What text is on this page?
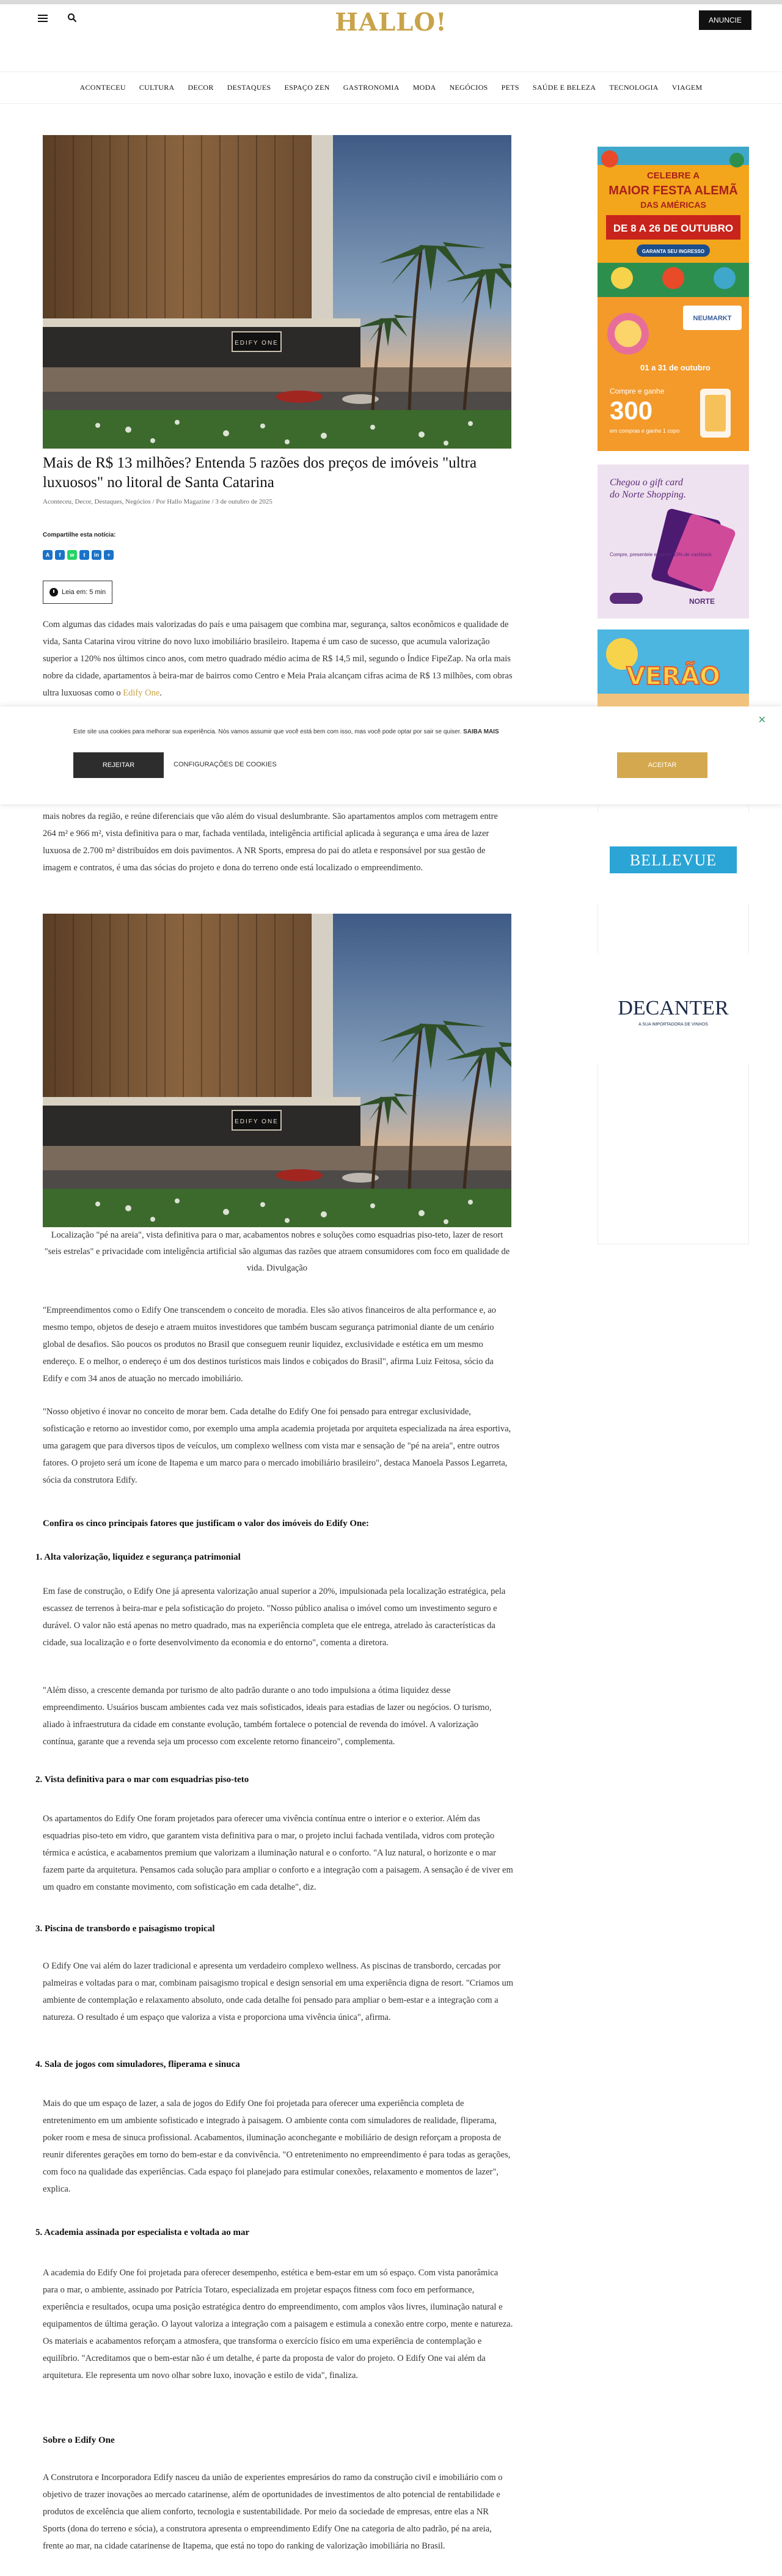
HALLO!	ANUNCIE
ACONTECEU CULTURA DECOR DESTAQUES ESPAÇO ZEN GASTRONOMIA MODA NEGÓCIOS PETS SAÚDE E BELEZA TECNOLOGIA VIAGEM
EDIFY ONE
Mais de R$ 13 milhões? Entenda 5 razões dos preços de imóveis "ultra luxuosos" no litoral de Santa Catarina
Aconteceu, Decor, Destaques, Negócios / Por Hallo Magazine / 3 de outubro de 2025
Compartilhe esta notícia:
A	f	w	t	in	+
Leia em: 5 min

Com algumas das cidades mais valorizadas do país e uma paisagem que combina mar, segurança, saltos econômicos e qualidade de vida, Santa Catarina virou vitrine do novo luxo imobiliário brasileiro. Itapema é um caso de sucesso, que acumula valorização superior a 120% nos últimos cinco anos, com metro quadrado médio acima de R$ 14,5 mil, segundo o Índice FipeZap. Na orla mais nobre da cidade, apartamentos à beira-mar de bairros como Centro e Meia Praia alcançam cifras acima de R$ 13 milhões, com obras ultra luxuosas como o Edify One.

Este site usa cookies para melhorar sua experiência. Nós vamos assumir que você está bem com isso, mas você pode optar por sair se quiser. SAIBA MAIS
✕
REJEITAR	CONFIGURAÇÕES DE COOKIES	ACEITAR

mais nobres da região, e reúne diferenciais que vão além do visual deslumbrante. São apartamentos amplos com metragem entre 264 m² e 966 m², vista definitiva para o mar, fachada ventilada, inteligência artificial aplicada à segurança e uma área de lazer luxuosa de 2.700 m² distribuídos em dois pavimentos. A NR Sports, empresa do pai do atleta e responsável por sua gestão de imagem e contratos, é uma das sócias do projeto e dona do terreno onde está localizado o empreendimento.

EDIFY ONE

Localização "pé na areia", vista definitiva para o mar, acabamentos nobres e soluções como esquadrias piso-teto, lazer de resort "seis estrelas" e privacidade com inteligência artificial são algumas das razões que atraem consumidores com foco em qualidade de vida. Divulgação

"Empreendimentos como o Edify One transcendem o conceito de moradia. Eles são ativos financeiros de alta performance e, ao mesmo tempo, objetos de desejo e atraem muitos investidores que também buscam segurança patrimonial diante de um cenário global de desafios. São poucos os produtos no Brasil que conseguem reunir liquidez, exclusividade e estética em um mesmo endereço. E o melhor, o endereço é um dos destinos turísticos mais lindos e cobiçados do Brasil", afirma Luiz Feitosa, sócio da Edify e com 34 anos de atuação no mercado imobiliário.

"Nosso objetivo é inovar no conceito de morar bem. Cada detalhe do Edify One foi pensado para entregar exclusividade, sofisticação e retorno ao investidor como, por exemplo uma ampla academia projetada por arquiteta especializada na área esportiva, uma garagem que para diversos tipos de veículos, um complexo wellness com vista mar e sensação de "pé na areia", entre outros fatores. O projeto será um ícone de Itapema e um marco para o mercado imobiliário brasileiro", destaca Manoela Passos Legarreta, sócia da construtora Edify.

Confira os cinco principais fatores que justificam o valor dos imóveis do Edify One:
1. Alta valorização, liquidez e segurança patrimonial

Em fase de construção, o Edify One já apresenta valorização anual superior a 20%, impulsionada pela localização estratégica, pela escassez de terrenos à beira-mar e pela sofisticação do projeto. "Nosso público analisa o imóvel como um investimento seguro e durável. O valor não está apenas no metro quadrado, mas na experiência completa que ele entrega, atrelado às características da cidade, sua localização e o forte desenvolvimento da economia e do entorno", comenta a diretora.

"Além disso, a crescente demanda por turismo de alto padrão durante o ano todo impulsiona a ótima liquidez desse empreendimento. Usuários buscam ambientes cada vez mais sofisticados, ideais para estadias de lazer ou negócios. O turismo, aliado à infraestrutura da cidade em constante evolução, também fortalece o potencial de revenda do imóvel. A valorização contínua, garante que a revenda seja um processo com excelente retorno financeiro", complementa.

2. Vista definitiva para o mar com esquadrias piso-teto

Os apartamentos do Edify One foram projetados para oferecer uma vivência contínua entre o interior e o exterior. Além das esquadrias piso-teto em vidro, que garantem vista definitiva para o mar, o projeto inclui fachada ventilada, vidros com proteção térmica e acústica, e acabamentos premium que valorizam a iluminação natural e o conforto. "A luz natural, o horizonte e o mar fazem parte da arquitetura. Pensamos cada solução para ampliar o conforto e a integração com a paisagem. A sensação é de viver em um quadro em constante movimento, com sofisticação em cada detalhe", diz.

3. Piscina de transbordo e paisagismo tropical

O Edify One vai além do lazer tradicional e apresenta um verdadeiro complexo wellness. As piscinas de transbordo, cercadas por palmeiras e voltadas para o mar, combinam paisagismo tropical e design sensorial em uma experiência digna de resort. "Criamos um ambiente de contemplação e relaxamento absoluto, onde cada detalhe foi pensado para ampliar o bem-estar e a integração com a natureza. O resultado é um espaço que valoriza a vista e proporciona uma vivência única", afirma.

4. Sala de jogos com simuladores, fliperama e sinuca

Mais do que um espaço de lazer, a sala de jogos do Edify One foi projetada para oferecer uma experiência completa de entretenimento em um ambiente sofisticado e integrado à paisagem. O ambiente conta com simuladores de realidade, fliperama, poker room e mesa de sinuca profissional. Acabamentos, iluminação aconchegante e mobiliário de design reforçam a proposta de reunir diferentes gerações em torno do bem-estar e da convivência. "O entretenimento no empreendimento é para todas as gerações, com foco na qualidade das experiências. Cada espaço foi planejado para estimular conexões, relaxamento e momentos de lazer", explica.

5. Academia assinada por especialista e voltada ao mar

A academia do Edify One foi projetada para oferecer desempenho, estética e bem-estar em um só espaço. Com vista panorâmica para o mar, o ambiente, assinado por Patrícia Totaro, especializada em projetar espaços fitness com foco em performance, experiência e resultados, ocupa uma posição estratégica dentro do empreendimento, com amplos vãos livres, iluminação natural e equipamentos de última geração. O layout valoriza a integração com a paisagem e estimula a conexão entre corpo, mente e natureza. Os materiais e acabamentos reforçam a atmosfera, que transforma o exercício físico em uma experiência de contemplação e equilíbrio. "Acreditamos que o bem-estar não é um detalhe, é parte da proposta de valor do projeto. O Edify One vai além da arquitetura. Ele representa um novo olhar sobre luxo, inovação e estilo de vida", finaliza.

Sobre o Edify One

A Construtora e Incorporadora Edify nasceu da união de experientes empresários do ramo da construção civil e imobiliário com o objetivo de trazer inovações ao mercado catarinense, além de oportunidades de investimentos de alto potencial de rentabilidade e produtos de excelência que aliem conforto, tecnologia e sustentabilidade. Por meio da sociedade de empresas, entre elas a NR Sports (dona do terreno e sócia), a construtora apresenta o empreendimento Edify One na categoria de alto padrão, pé na areia, frente ao mar, na cidade catarinense de Itapema, que está no topo do ranking de valorização imobiliária no Brasil.

CELEBRE A
MAIOR FESTA ALEMÃ
DAS AMÉRICAS
DE 8 A 26 DE OUTUBRO
GARANTA SEU INGRESSO
NEUMARKT
01 a 31 de outubro
Compre e ganhe
300
em compras e ganhe 1 copo
Chegou o gift card
do Norte Shopping.
Compre, presenteie e ganhe 10% de cashback.
NORTE
VERÃO
BELLEVUE
DECANTER
A SUA IMPORTADORA DE VINHOS
